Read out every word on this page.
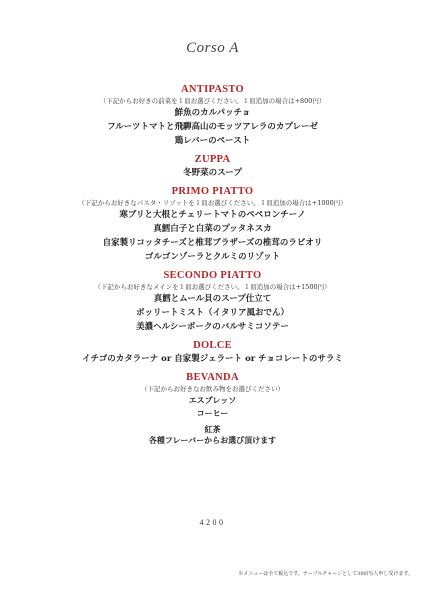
Corso A
ANTIPASTO
（下記からお好きの前菜を１皿お選びください。１皿追加の場合は+800円）
鮮魚のカルパッチョ
フルーツトマトと飛騨高山のモッツアレラのカプレーゼ
鶏レバーのペースト
ZUPPA
冬野菜のスープ
PRIMO PIATTO
（下記からお好きなパスタ・リゾットを１皿お選びください。１皿追加の場合は+1000円）
寒ブリと大根とチェリートマトのペペロンチーノ
真鱈白子と白菜のプッタネスカ
自家製リコッタチーズと椎茸ブラザーズの椎茸のラビオリ
ゴルゴンゾーラとクルミのリゾット
SECONDO PIATTO
（下記からお好きなメインを１皿お選びください。１皿追加の場合は+1500円）
真鱈とムール貝のスープ仕立て
ボッリートミスト（イタリア風おでん）
美濃ヘルシーポークのバルサミコソテー
DOLCE
イチゴのカタラーナ or 自家製ジェラート or チョコレートのサラミ
BEVANDA
（下記からお好きなお飲み物をお選びください）
エスプレッソ
コーヒー
紅茶
各種フレーバーからお選び頂けます
4200
※メニューは全て税込です。テーブルチャージとして300円/人申し受けます。
